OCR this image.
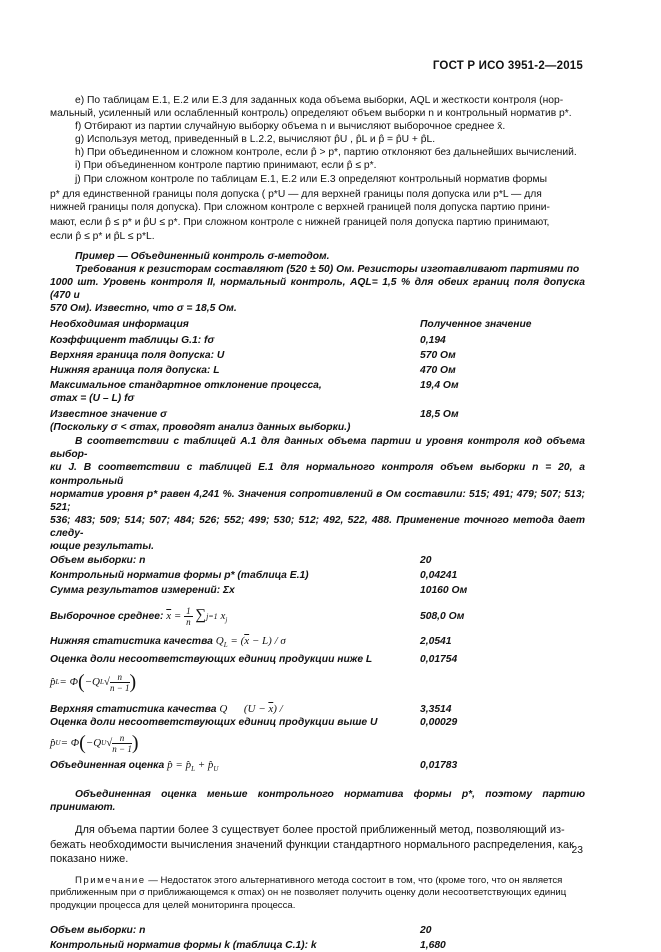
ГОСТ Р ИСО 3951-2—2015

е) По таблицам Е.1, Е.2 или Е.3 для заданных кода объема выборки, AQL и жесткости контроля (нор-

мальный, усиленный или ослабленный контроль) определяют объем выборки n и контрольный норматив p*.

f) Отбирают из партии случайную выборку объема n и вычисляют выборочное среднее x̄.

g) Используя метод, приведенный в L.2.2, вычисляют p̂U , p̂L и p̂ = p̂U + p̂L.

h) При объединенном и сложном контроле, если p̂ > p*, партию отклоняют без дальнейших вычислений.

i) При объединенном контроле партию принимают, если p̂ ≤ p*.

j) При сложном контроле по таблицам Е.1, Е.2 или Е.3 определяют контрольный норматив формы

p* для единственной границы поля допуска ( p*U — для верхней границы поля допуска или p*L — для

нижней границы поля допуска). При сложном контроле с верхней границей поля допуска партию прини-

мают, если p̂ ≤ p* и p̂U ≤ p*. При сложном контроле с нижней границей поля допуска партию принимают,

если p̂ ≤ p* и p̂L ≤ p*L.

Пример — Объединенный контроль σ-методом.

Требования к резисторам составляют (520 ± 50) Ом. Резисторы изготавливают партиями по

1000 шт. Уровень контроля II, нормальный контроль, AQL= 1,5 % для обеих границ поля допуска (470 и

570 Ом). Известно, что σ = 18,5 Ом.

Необходимая информация	Полученное значение
Коэффициент таблицы G.1: fσ	0,194
Верхняя граница поля допуска: U	570 Ом
Нижняя граница поля допуска: L	470 Ом
Максимальное стандартное отклонение процесса,	19,4 Ом
σmax = (U – L) fσ
Известное значение σ	18,5 Ом
(Поскольку σ < σmax, проводят анализ данных выборки.)

В соответствии с таблицей А.1 для данных объема партии и уровня контроля код объема выбор-

ки J. В соответствии с таблицей Е.1 для нормального контроля объем выборки n = 20, а контрольный

норматив уровня p* равен 4,241 %. Значения сопротивлений в Ом составили: 515; 491; 479; 507; 513; 521;

536; 483; 509; 514; 507; 484; 526; 552; 499; 530; 512; 492, 522, 488. Применение точного метода дает следу-

ющие результаты.

Объем выборки: n	20
Контрольный норматив формы p* (таблица Е.1)	0,04241
Сумма результатов измерений: Σx	10160 Ом
Выборочное среднее: $\overline{x} = \frac{1}{n} \sum j=1$ $x_j$	508,0 Ом
Нижняя статистика качества $Q_L = (\overline{x} - L) / \sigma$	2,0541
Оценка доли несоответствующих единиц продукции ниже L	0,01754
p̂ L = Φ ( −Q L √ $\frac{n}{n - 1}$ )
Верхняя статистика качества Q      $(U - \overline{x})$ /	3,3514
Оценка доли несоответствующих единиц продукции выше U	0,00029
p̂ U = Φ ( −Q U √ $\frac{n}{n - 1}$ )
Объединенная оценка p̂ = $p̂_L$ + $p̂_U$	0,01783

Объединенная оценка меньше контрольного норматива формы p*, поэтому партию принимают.

Для объема партии более 3 существует более простой приближенный метод, позволяющий из-

бежать необходимости вычисления значений функции стандартного нормального распределения, как

показано ниже.

Примечание — Недостаток этого альтернативного метода состоит в том, что (кроме того, что он является

приближенным при σ приближающемся к σmax) он не позволяет получить оценку доли несоответствующих единиц

продукции процесса для целей мониторинга процесса.

Объем выборки: n	20
Контрольный норматив формы k (таблица С.1): k	1,680
23
